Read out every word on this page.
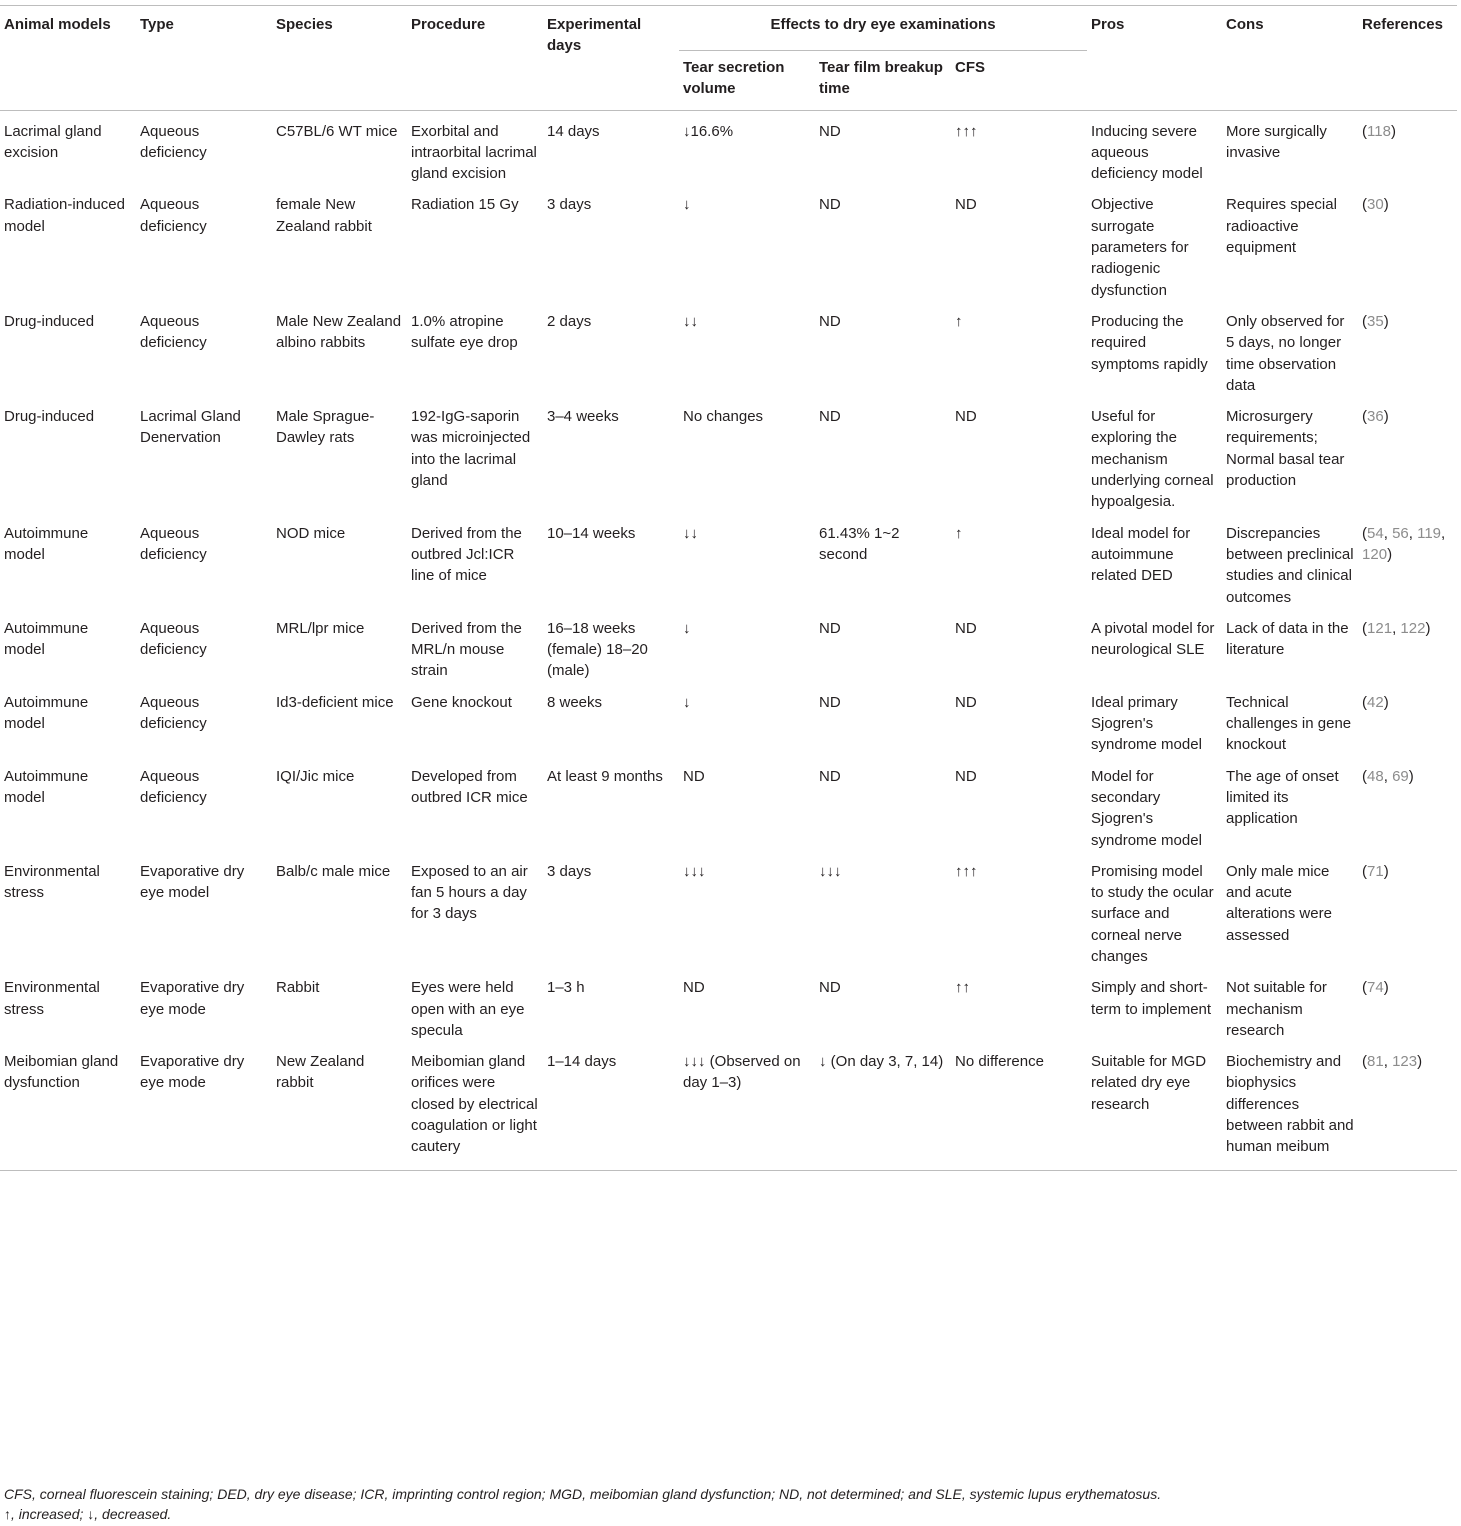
Animal models	Type	Species	Procedure	Experimental days	Effects to dry eye examinations			Pros	Cons	References
					Tear secretion volume	Tear film breakup time	CFS			
Lacrimal gland excision	Aqueous deficiency	C57BL/6 WT mice	Exorbital and intraorbital lacrimal gland excision	14 days	↓16.6%	ND	↑↑↑	Inducing severe aqueous deficiency model	More surgically invasive	(118)
Radiation-induced model	Aqueous deficiency	female New Zealand rabbit	Radiation 15 Gy	3 days	↓	ND	ND	Objective surrogate parameters for radiogenic dysfunction	Requires special radioactive equipment	(30)
Drug-induced	Aqueous deficiency	Male New Zealand albino rabbits	1.0% atropine sulfate eye drop	2 days	↓↓	ND	↑	Producing the required symptoms rapidly	Only observed for 5 days, no longer time observation data	(35)
Drug-induced	Lacrimal Gland Denervation	Male Sprague-Dawley rats	192-IgG-saporin was microinjected into the lacrimal gland	3–4 weeks	No changes	ND	ND	Useful for exploring the mechanism underlying corneal hypoalgesia.	Microsurgery requirements; Normal basal tear production	(36)
Autoimmune model	Aqueous deficiency	NOD mice	Derived from the outbred Jcl:ICR line of mice	10–14 weeks	↓↓	61.43% 1~2 second	↑	Ideal model for autoimmune related DED	Discrepancies between preclinical studies and clinical outcomes	(54, 56, 119, 120)
Autoimmune model	Aqueous deficiency	MRL/lpr mice	Derived from the MRL/n mouse strain	16–18 weeks (female) 18–20 (male)	↓	ND	ND	A pivotal model for neurological SLE	Lack of data in the literature	(121, 122)
Autoimmune model	Aqueous deficiency	Id3-deficient mice	Gene knockout	8 weeks	↓	ND	ND	Ideal primary Sjogren's syndrome model	Technical challenges in gene knockout	(42)
Autoimmune model	Aqueous deficiency	IQI/Jic mice	Developed from outbred ICR mice	At least 9 months	ND	ND	ND	Model for secondary Sjogren's syndrome model	The age of onset limited its application	(48, 69)
Environmental stress	Evaporative dry eye model	Balb/c male mice	Exposed to an air fan 5 hours a day for 3 days	3 days	↓↓↓	↓↓↓	↑↑↑	Promising model to study the ocular surface and corneal nerve changes	Only male mice and acute alterations were assessed	(71)
Environmental stress	Evaporative dry eye mode	Rabbit	Eyes were held open with an eye specula	1–3 h	ND	ND	↑↑	Simply and short-term to implement	Not suitable for mechanism research	(74)
Meibomian gland dysfunction	Evaporative dry eye mode	New Zealand rabbit	Meibomian gland orifices were closed by electrical coagulation or light cautery	1–14 days	↓↓↓ (Observed on day 1–3)	↓ (On day 3, 7, 14)	No difference	Suitable for MGD related dry eye research	Biochemistry and biophysics differences between rabbit and human meibum	(81, 123)
CFS, corneal fluorescein staining; DED, dry eye disease; ICR, imprinting control region; MGD, meibomian gland dysfunction; ND, not determined; and SLE, systemic lupus erythematosus.
↑, increased; ↓, decreased.
